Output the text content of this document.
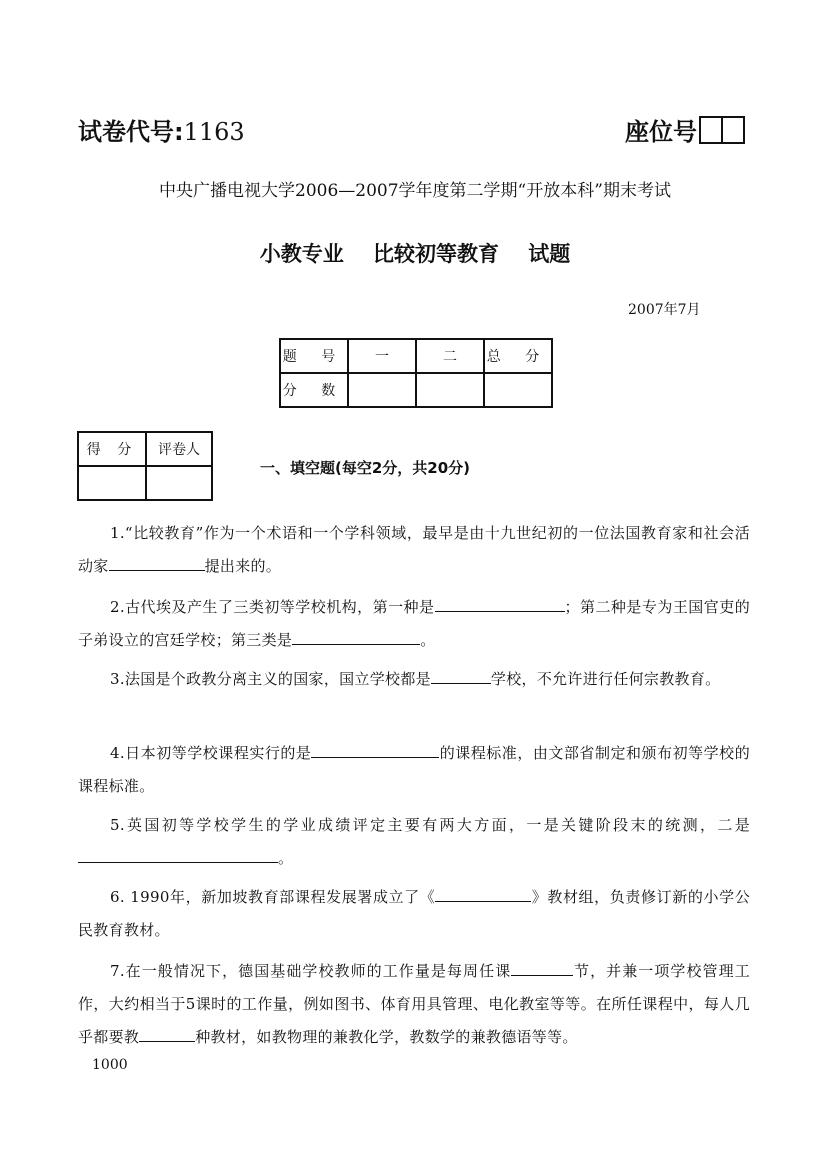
试卷代号:1163	座位号
中央广播电视大学2006—2007学年度第二学期“开放本科”期末考试
小教专业    比较初等教育    试题
2007年7月
题 号	一	二	总 分
分 数			
得 分	评卷人

一、填空题(每空2分，共20分)
1.“比较教育”作为一个术语和一个学科领域，最早是由十九世纪初的一位法国教育家和社会活动家	提出来的。
2.古代埃及产生了三类初等学校机构，第一种是	；第二种是专为王国官吏的子弟设立的宫廷学校；第三类是	。
3.法国是个政教分离主义的国家，国立学校都是	学校，不允许进行任何宗教教育。
4.日本初等学校课程实行的是	的课程标准，由文部省制定和颁布初等学校的课程标准。
5.英国初等学校学生的学业成绩评定主要有两大方面，一是关键阶段末的统测，二是。
6. 1990年，新加坡教育部课程发展署成立了《	》教材组，负责修订新的小学公民教育教材。
7.在一般情况下，德国基础学校教师的工作量是每周任课	节，并兼一项学校管理工作，大约相当于5课时的工作量，例如图书、体育用具管理、电化教室等等。在所任课程中，每人几乎都要教	种教材，如教物理的兼教化学，教数学的兼教德语等等。
1000
